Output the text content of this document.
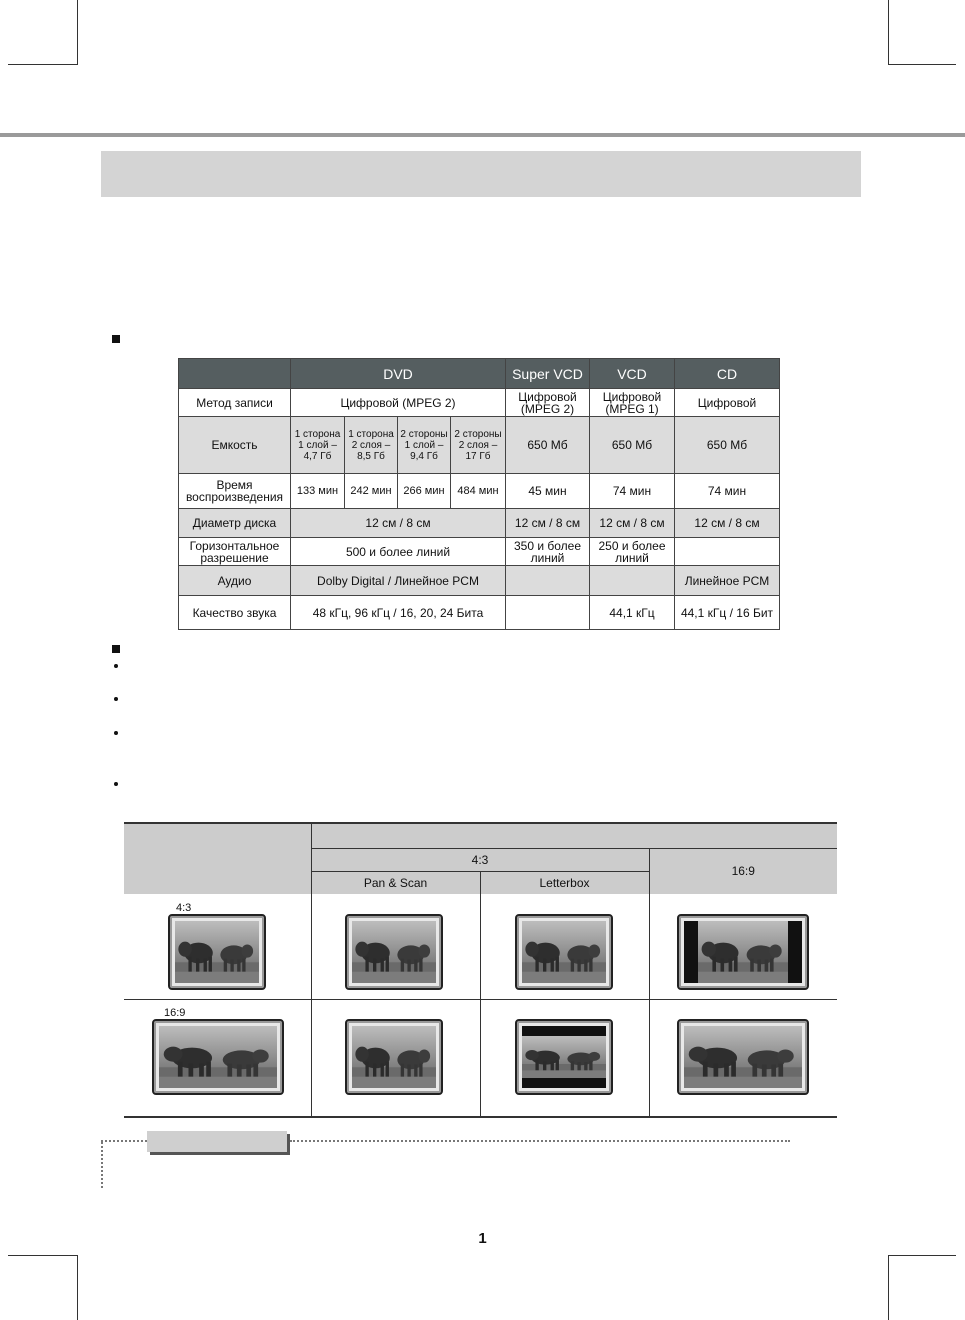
	DVD				Super VCD	VCD	CD
Метод записи	Цифровой (MPEG 2)				Цифровой (MPEG 2)	Цифровой (MPEG 1)	Цифровой
Емкость	1 сторона 1 слой – 4,7 Гб	1 сторона 2 слоя – 8,5 Гб	2 стороны 1 слой – 9,4 Гб	2 стороны 2 слоя – 17 Гб	650 Мб	650 Мб	650 Мб
Время воспроизведения	133 мин	242 мин	266 мин	484 мин	45 мин	74 мин	74 мин
Диаметр диска	12 см / 8 см				12 см / 8 см	12 см / 8 см	12 см / 8 см
Горизонтальное разрешение	500 и более линий				350 и более линий	250 и более линий	
Аудио	Dolby Digital / Линейное PCM						Линейное PCM
Качество звука	48 кГц, 96 кГц / 16, 20, 24 Бита					44,1 кГц	44,1 кГц / 16 Бит

	4:3		16:9
	Pan & Scan	Letterbox	

4:3
16:9
1
